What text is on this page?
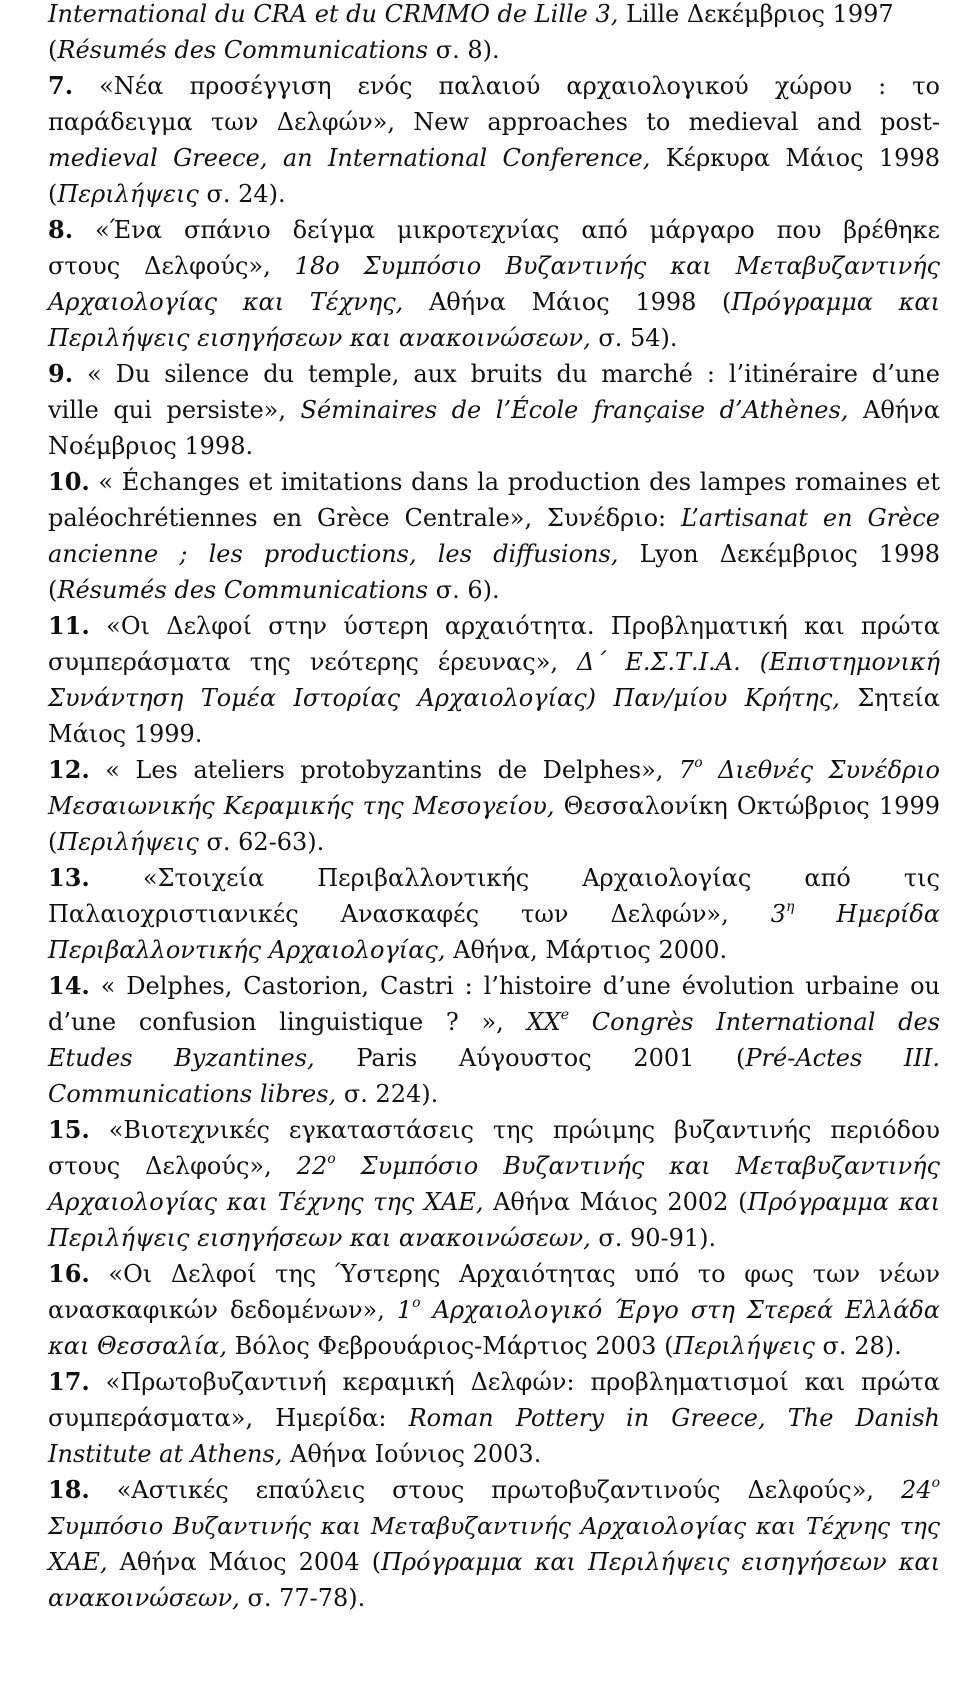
International du CRA et du CRMMO de Lille 3, Lille Δεκέμβριος 1997
(Résumés des Communications σ. 8).
7. «Νέα προσέγγιση ενός παλαιού αρχαιολογικού χώρου : το
παράδειγμα των Δελφών», New approaches to medieval and post-
medieval Greece, an International Conference, Κέρκυρα Μάιος 1998
(Περιλήψεις σ. 24).
8. «Ένα σπάνιο δείγμα μικροτεχνίας από μάργαρο που βρέθηκε
στους Δελφούς», 18ο Συμπόσιο Βυζαντινής και Μεταβυζαντινής
Αρχαιολογίας και Τέχνης, Αθήνα Μάιος 1998 (Πρόγραμμα και
Περιλήψεις εισηγήσεων και ανακοινώσεων, σ. 54).
9. « Du silence du temple, aux bruits du marché : l’itinéraire d’une
ville qui persiste», Séminaires de l’École française d’Athènes, Αθήνα
Νοέμβριος 1998.
10. « Échanges et imitations dans la production des lampes romaines et
paléochrétiennes en Grèce Centrale», Συνέδριο: L’artisanat en Grèce
ancienne ; les productions, les diffusions, Lyon Δεκέμβριος 1998
(Résumés des Communications σ. 6).
11. «Οι Δελφοί στην ύστερη αρχαιότητα. Προβληματική και πρώτα
συμπεράσματα της νεότερης έρευνας», Δ΄ Ε.Σ.Τ.Ι.Α. (Επιστημονική
Συνάντηση Τομέα Ιστορίας Αρχαιολογίας) Παν/μίου Κρήτης, Σητεία
Μάιος 1999.
12. « Les ateliers protobyzantins de Delphes», $7^o$ Διεθνές Συνέδριο
Μεσαιωνικής Κεραμικής της Μεσογείου, Θεσσαλονίκη Οκτώβριος 1999
(Περιλήψεις σ. 62-63).
13. «Στοιχεία Περιβαλλοντικής Αρχαιολογίας από τις
Παλαιοχριστιανικές Ανασκαφές των Δελφών», $3^\eta$ Ημερίδα
Περιβαλλοντικής Αρχαιολογίας, Αθήνα, Μάρτιος 2000.
14. « Delphes, Castorion, Castri : l’histoire d’une évolution urbaine ou
d’une confusion linguistique ? », XXe Congrès International des
Etudes Byzantines, Paris Αύγουστος 2001 (Pré-Actes III.
Communications libres, σ. 224).
15. «Βιοτεχνικές εγκαταστάσεις της πρώιμης βυζαντινής περιόδου
στους Δελφούς», $22^o$ Συμπόσιο Βυζαντινής και Μεταβυζαντινής
Αρχαιολογίας και Τέχνης της ΧΑΕ, Αθήνα Μάιος 2002 (Πρόγραμμα και
Περιλήψεις εισηγήσεων και ανακοινώσεων, σ. 90-91).
16. «Οι Δελφοί της Ύστερης Αρχαιότητας υπό το φως των νέων
ανασκαφικών δεδομένων», $1^o$ Αρχαιολογικό Έργο στη Στερεά Ελλάδα
και Θεσσαλία, Βόλος Φεβρουάριος-Μάρτιος 2003 (Περιλήψεις σ. 28).
17. «Πρωτοβυζαντινή κεραμική Δελφών: προβληματισμοί και πρώτα
συμπεράσματα», Ημερίδα: Roman Pottery in Greece, The Danish
Institute at Athens, Αθήνα Ιούνιος 2003.
18. «Αστικές επαύλεις στους πρωτοβυζαντινούς Δελφούς», $24^o$
Συμπόσιο Βυζαντινής και Μεταβυζαντινής Αρχαιολογίας και Τέχνης της
ΧΑΕ, Αθήνα Μάιος 2004 (Πρόγραμμα και Περιλήψεις εισηγήσεων και
ανακοινώσεων, σ. 77-78).
